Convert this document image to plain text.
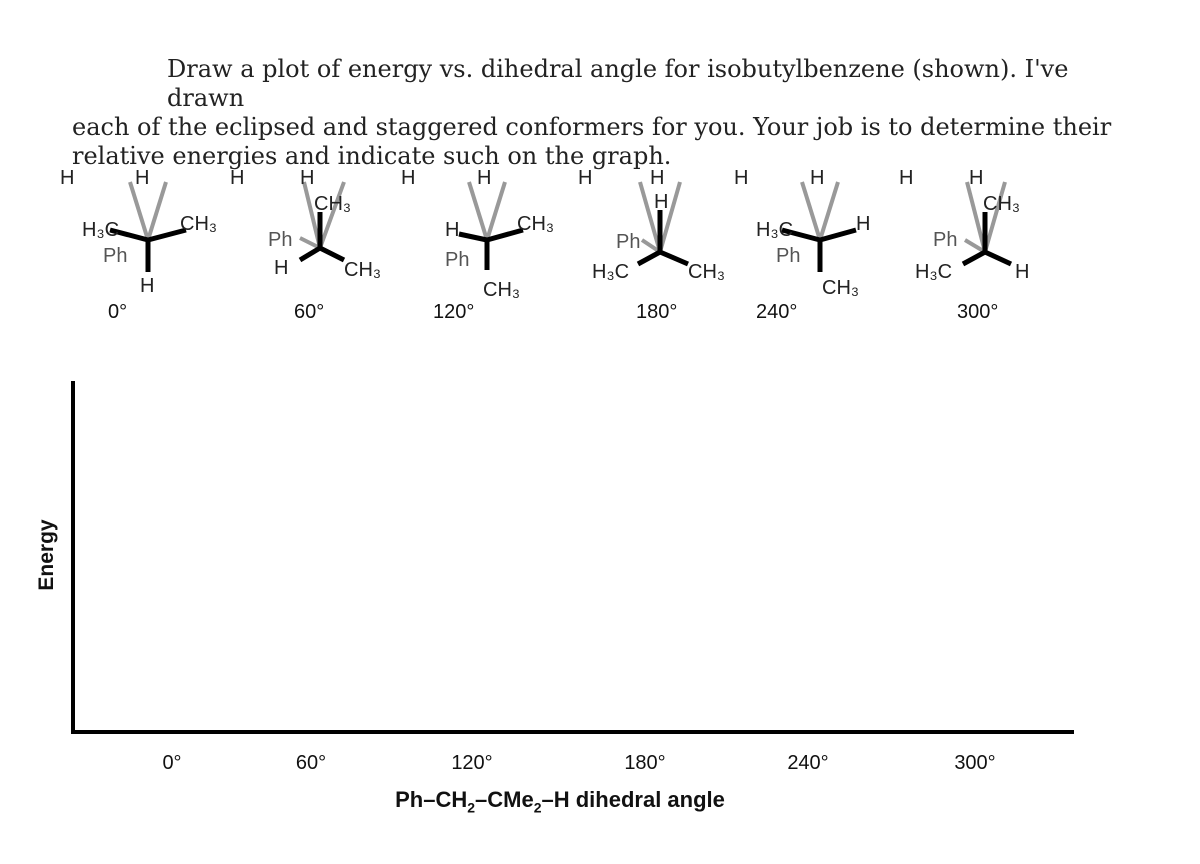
Draw a plot of energy vs. dihedral angle for isobutylbenzene (shown). I've drawn
each of the eclipsed and staggered conformers for you. Your job is to determine their
relative energies and indicate such on the graph.

H	H
H₃C	CH₃
Ph
H
0°
H	H
CH₃
Ph
H	CH₃
60°
H	H
H	CH₃
Ph
CH₃
120°
H	H
H
Ph
H₃C	CH₃
180°
H	H
H₃C	H
Ph
CH₃
240°
H	H
CH₃
Ph
H₃C	H
300°
Energy
0°	60°	120°	180°	240°	300°
$Ph-CH_2-CMe_2-H$ dihedral angle
